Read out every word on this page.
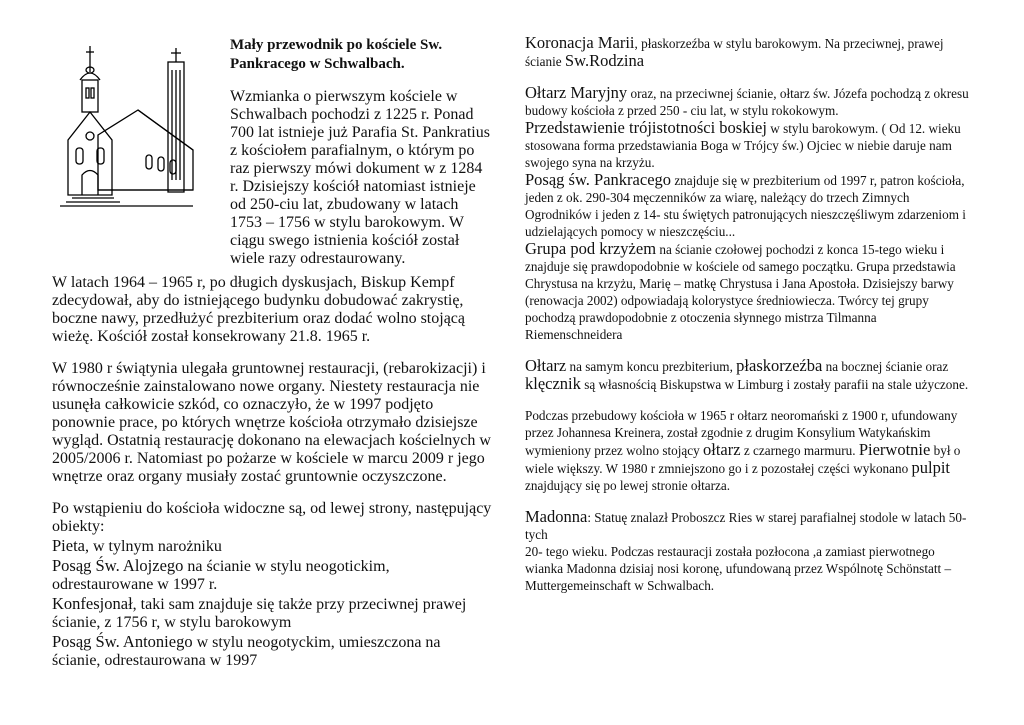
Mały przewodnik po kościele Sw. Pankracego w Schwalbach.

Wzmianka o pierwszym kościele w Schwalbach pochodzi z 1225 r. Ponad 700 lat istnieje już Parafia St. Pankratius z kościołem parafialnym, o którym po raz pierwszy mówi dokument w z 1284 r. Dzisiejszy kościół natomiast istnieje od 250-ciu lat, zbudowany w latach 1753 – 1756 w stylu barokowym. W ciągu swego istnienia kościół został wiele razy odrestaurowany.

W latach 1964 – 1965 r, po długich dyskusjach, Biskup Kempf zdecydował, aby do istniejącego budynku dobudować zakrystię, boczne nawy, przedłużyć prezbiterium oraz dodać wolno stojącą wieżę. Kościół został konsekrowany 21.8. 1965 r.

W 1980 r świątynia ulegała gruntownej restauracji, (rebarokizacji) i równocześnie zainstalowano nowe organy. Niestety restauracja nie usunęła całkowicie szkód, co oznaczyło, że w 1997 podjęto ponownie prace, po których wnętrze kościoła otrzymało dzisiejsze wygląd. Ostatnią restaurację dokonano na elewacjach kościelnych w 2005/2006 r. Natomiast po pożarze w kościele w marcu 2009 r jego wnętrze oraz organy musiały zostać gruntownie oczyszczone.

Po wstąpieniu do kościoła widoczne są, od lewej strony, następujący obiekty:

Pieta, w tylnym narożniku

Posąg Św. Alojzego na ścianie w stylu neogotickim, odrestaurowane w 1997 r.

Konfesjonał, taki sam znajduje się także przy przeciwnej prawej ścianie, z 1756 r, w stylu barokowym

Posąg Św. Antoniego w stylu neogotyckim, umieszczona na ścianie, odrestaurowana w 1997

Koronacja Marii, płaskorzeźba w stylu barokowym. Na przeciwnej, prawej ścianie Sw.Rodzina

Ołtarz Maryjny oraz, na przeciwnej ścianie, ołtarz św. Józefa pochodzą z okresu budowy kościoła z przed 250 - ciu lat, w stylu rokokowym.

Przedstawienie trójistotności boskiej w stylu barokowym. ( Od 12. wieku stosowana forma przedstawiania Boga w Trójcy św.) Ojciec w niebie daruje nam swojego syna na krzyżu.

Posąg św. Pankracego znajduje się w prezbiterium od 1997 r, patron kościoła, jeden z ok. 290-304 męczenników za wiarę, należący do trzech Zimnych Ogrodników i jeden z 14- stu świętych patronujących nieszczęśliwym zdarzeniom i udzielających pomocy w nieszczęściu...

Grupa pod krzyżem na ścianie czołowej pochodzi z konca 15-tego wieku i znajduje się prawdopodobnie w kościele od samego początku. Grupa przedstawia Chrystusa na krzyżu, Marię – matkę Chrystusa i Jana Apostoła. Dzisiejszy barwy (renowacja 2002) odpowiadają kolorystyce średniowiecza. Twórcy tej grupy pochodzą prawdopodobnie z otoczenia słynnego mistrza Tilmanna Riemenschneidera

Ołtarz na samym koncu prezbiterium, płaskorzeźba na bocznej ścianie oraz klęcznik są własnością Biskupstwa w Limburg i zostały parafii na stale użyczone.

Podczas przebudowy kościoła w 1965 r ołtarz neoromański z 1900 r, ufundowany przez Johannesa Kreinera, został zgodnie z drugim Konsylium Watykańskim wymieniony przez wolno stojący ołtarz z czarnego marmuru. Pierwotnie był o wiele większy. W 1980 r zmniejszono go i z pozostałej części wykonano pulpit znajdujący się po lewej stronie ołtarza.

Madonna: Statuę znalazł Proboszcz Ries w starej parafialnej stodole w latach 50- tych

20- tego wieku. Podczas restauracji została pozłocona ,a zamiast pierwotnego wianka Madonna dzisiaj nosi koronę, ufundowaną przez Wspólnotę Schönstatt – Muttergemeinschaft w Schwalbach.
